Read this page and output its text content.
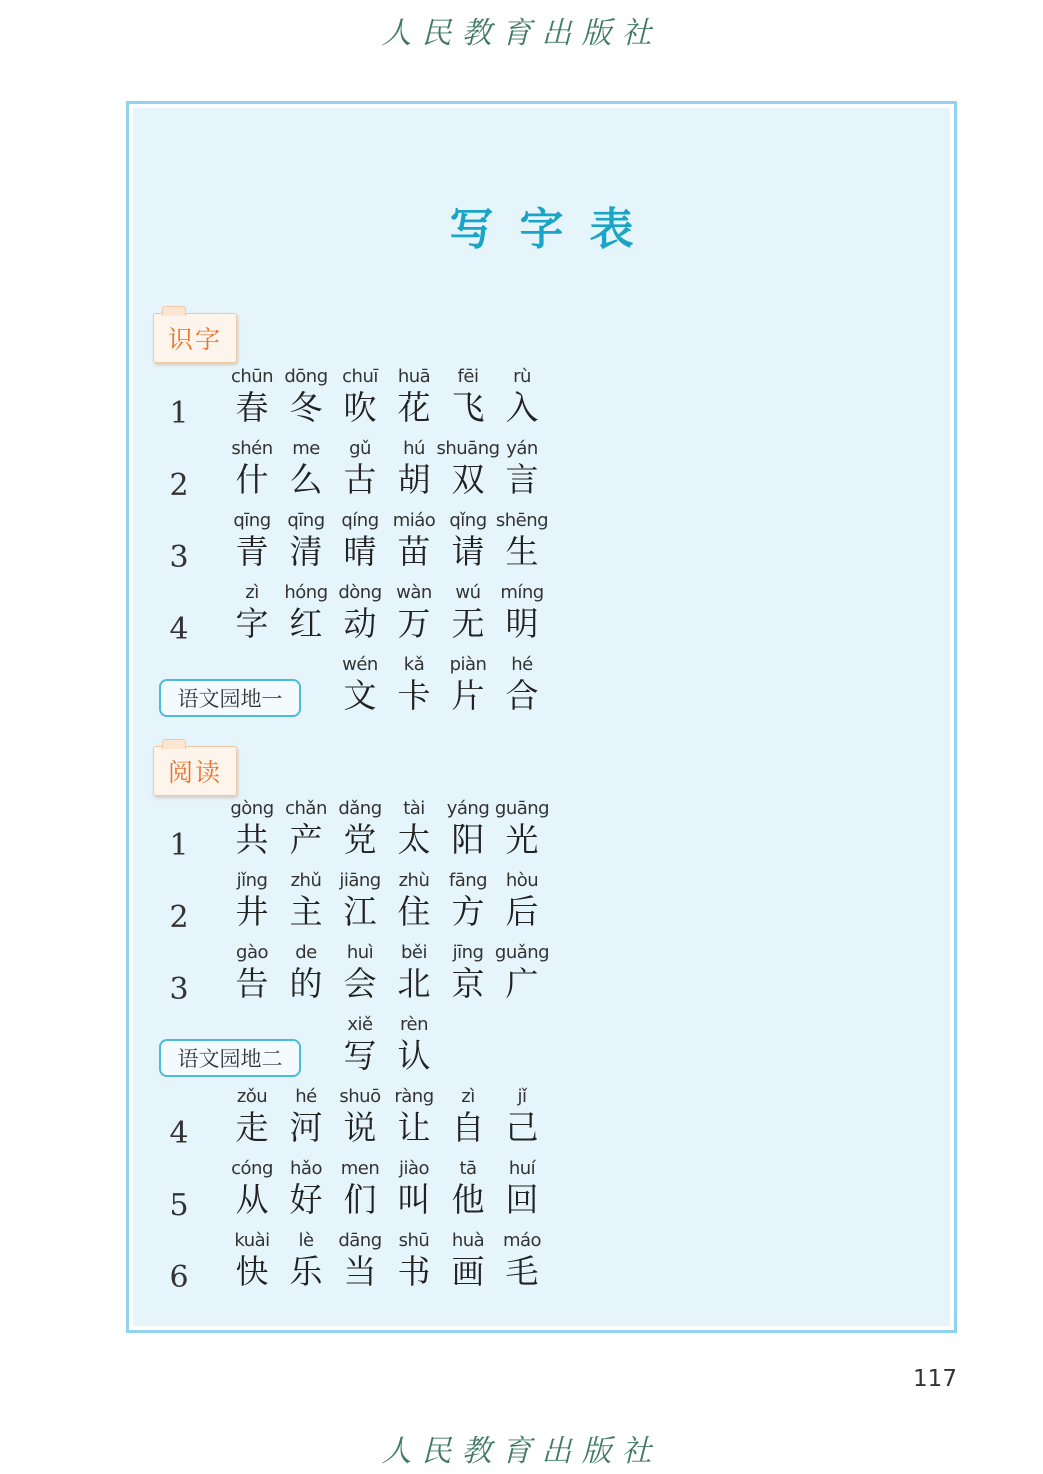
人民教育出版社
写字表
识字
1
chūn
春
dōng
冬
chuī
吹
huā
花
fēi
飞
rù
入
2
shén
什
me
么
gǔ
古
hú
胡
shuāng
双
yán
言
3
qīng
青
qīng
清
qíng
晴
miáo
苗
qǐng
请
shēng
生
4
zì
字
hóng
红
dòng
动
wàn
万
wú
无
míng
明
语文园地一
wén
文
kǎ
卡
piàn
片
hé
合
阅读
1
gòng
共
chǎn
产
dǎng
党
tài
太
yáng
阳
guāng
光
2
jǐng
井
zhǔ
主
jiāng
江
zhù
住
fāng
方
hòu
后
3
gào
告
de
的
huì
会
běi
北
jīng
京
guǎng
广
语文园地二
xiě
写
rèn
认
4
zǒu
走
hé
河
shuō
说
ràng
让
zì
自
jǐ
己
5
cóng
从
hǎo
好
men
们
jiào
叫
tā
他
huí
回
6
kuài
快
lè
乐
dāng
当
shū
书
huà
画
máo
毛
117
人民教育出版社
